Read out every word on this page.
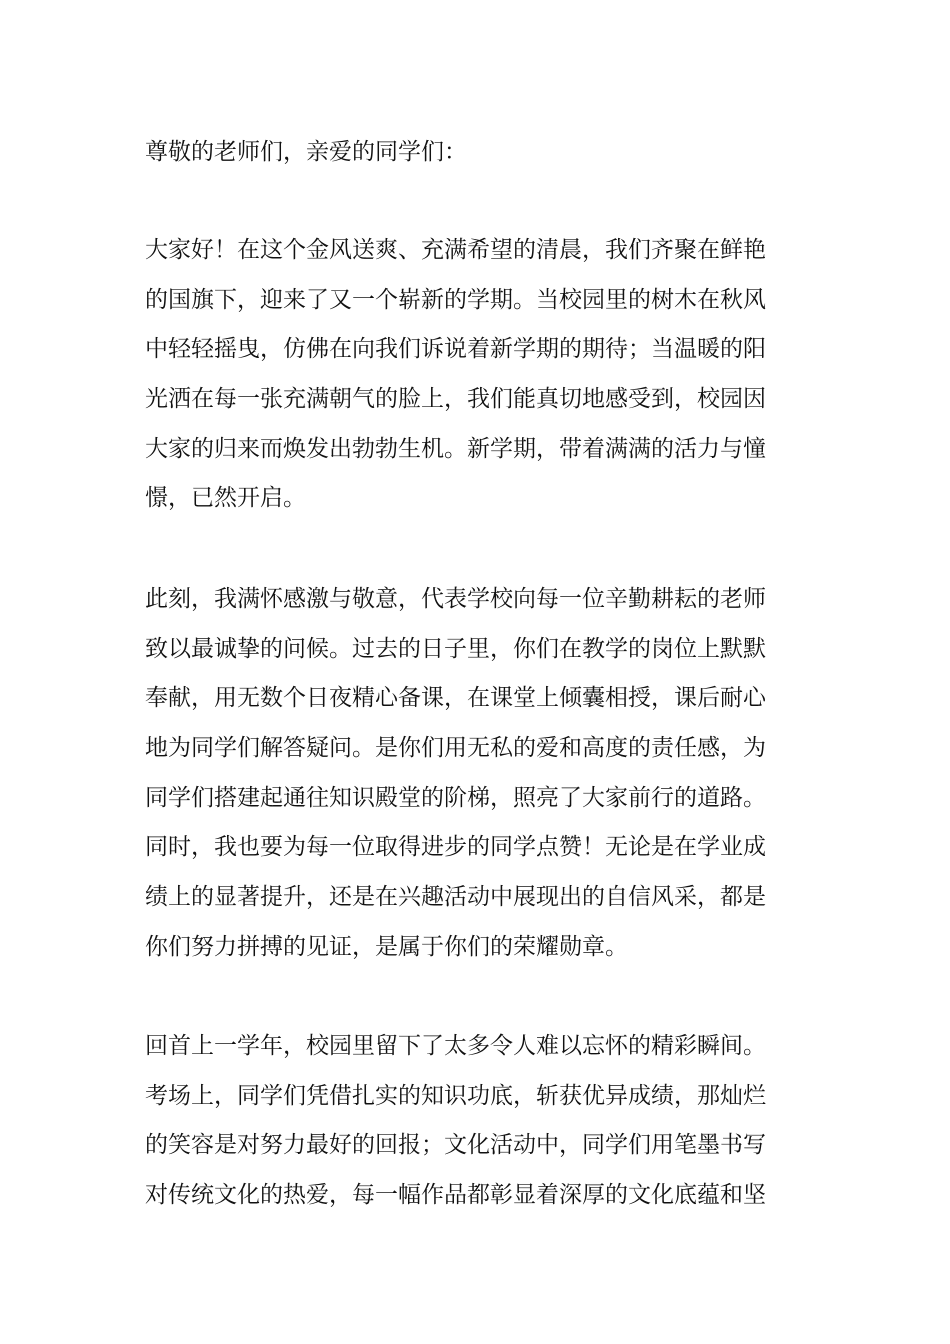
尊敬的老师们，亲爱的同学们：

大家好！在这个金风送爽、充满希望的清晨，我们齐聚在鲜艳
的国旗下，迎来了又一个崭新的学期。当校园里的树木在秋风
中轻轻摇曳，仿佛在向我们诉说着新学期的期待；当温暖的阳
光洒在每一张充满朝气的脸上，我们能真切地感受到，校园因
大家的归来而焕发出勃勃生机。新学期，带着满满的活力与憧
憬，已然开启。

此刻，我满怀感激与敬意，代表学校向每一位辛勤耕耘的老师
致以最诚挚的问候。过去的日子里，你们在教学的岗位上默默
奉献，用无数个日夜精心备课，在课堂上倾囊相授，课后耐心
地为同学们解答疑问。是你们用无私的爱和高度的责任感，为
同学们搭建起通往知识殿堂的阶梯，照亮了大家前行的道路。
同时，我也要为每一位取得进步的同学点赞！无论是在学业成
绩上的显著提升，还是在兴趣活动中展现出的自信风采，都是
你们努力拼搏的见证，是属于你们的荣耀勋章。

回首上一学年，校园里留下了太多令人难以忘怀的精彩瞬间。
考场上，同学们凭借扎实的知识功底，斩获优异成绩，那灿烂
的笑容是对努力最好的回报；文化活动中，同学们用笔墨书写
对传统文化的热爱，每一幅作品都彰显着深厚的文化底蕴和坚
